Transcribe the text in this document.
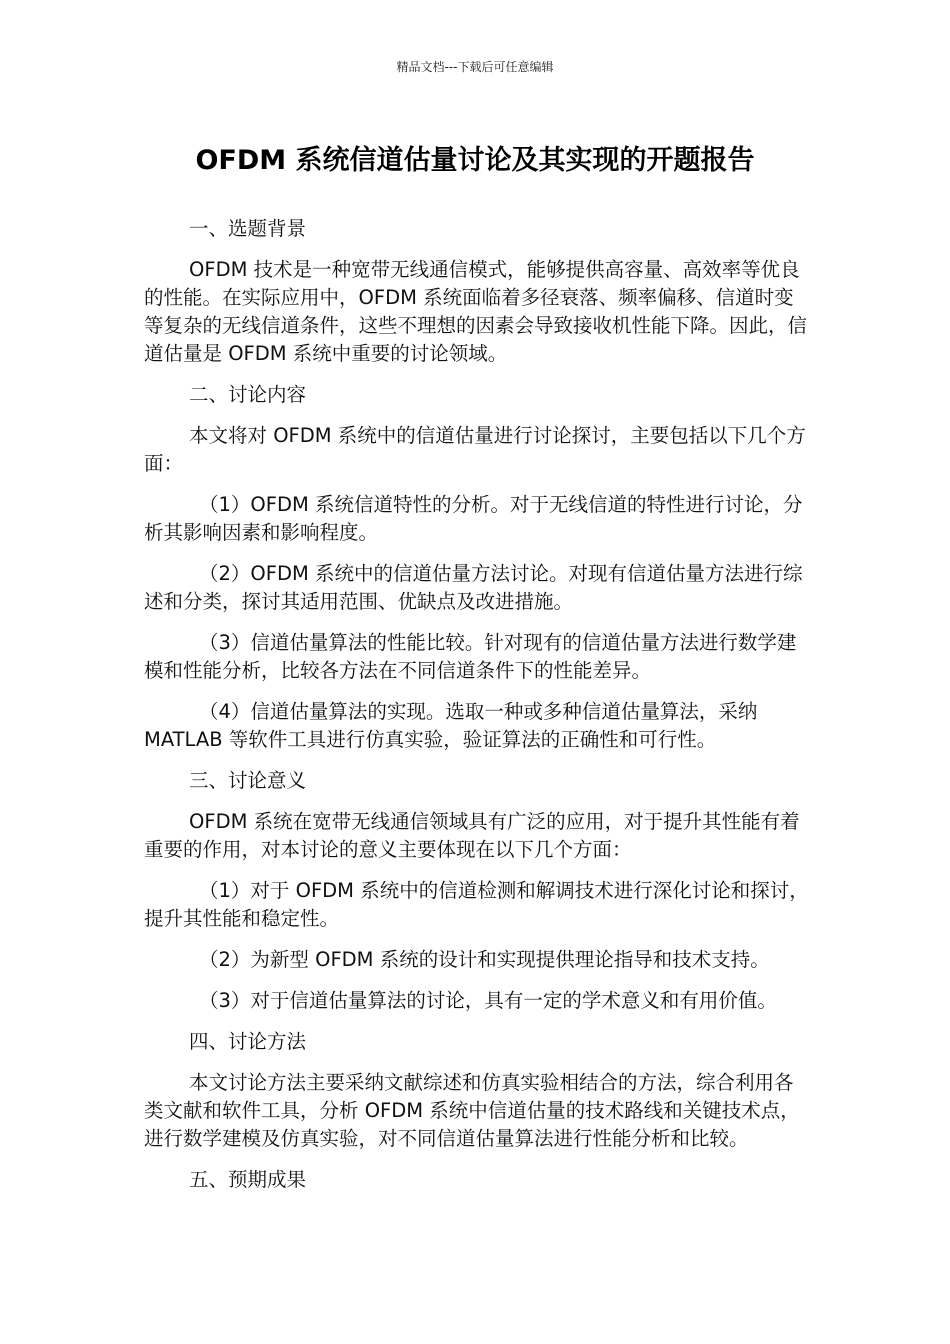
精品文档---下载后可任意编辑
OFDM 系统信道估量讨论及其实现的开题报告
一、选题背景
OFDM 技术是一种宽带无线通信模式，能够提供高容量、高效率等优良的性能。在实际应用中，OFDM 系统面临着多径衰落、频率偏移、信道时变等复杂的无线信道条件，这些不理想的因素会导致接收机性能下降。因此，信道估量是 OFDM 系统中重要的讨论领域。
二、讨论内容
本文将对 OFDM 系统中的信道估量进行讨论探讨，主要包括以下几个方面：
（1）OFDM 系统信道特性的分析。对于无线信道的特性进行讨论，分析其影响因素和影响程度。
（2）OFDM 系统中的信道估量方法讨论。对现有信道估量方法进行综述和分类，探讨其适用范围、优缺点及改进措施。
（3）信道估量算法的性能比较。针对现有的信道估量方法进行数学建模和性能分析，比较各方法在不同信道条件下的性能差异。
（4）信道估量算法的实现。选取一种或多种信道估量算法，采纳 MATLAB 等软件工具进行仿真实验，验证算法的正确性和可行性。
三、讨论意义
OFDM 系统在宽带无线通信领域具有广泛的应用，对于提升其性能有着重要的作用，对本讨论的意义主要体现在以下几个方面：
（1）对于 OFDM 系统中的信道检测和解调技术进行深化讨论和探讨，提升其性能和稳定性。
（2）为新型 OFDM 系统的设计和实现提供理论指导和技术支持。
（3）对于信道估量算法的讨论，具有一定的学术意义和有用价值。
四、讨论方法
本文讨论方法主要采纳文献综述和仿真实验相结合的方法，综合利用各类文献和软件工具，分析 OFDM 系统中信道估量的技术路线和关键技术点，进行数学建模及仿真实验，对不同信道估量算法进行性能分析和比较。
五、预期成果
